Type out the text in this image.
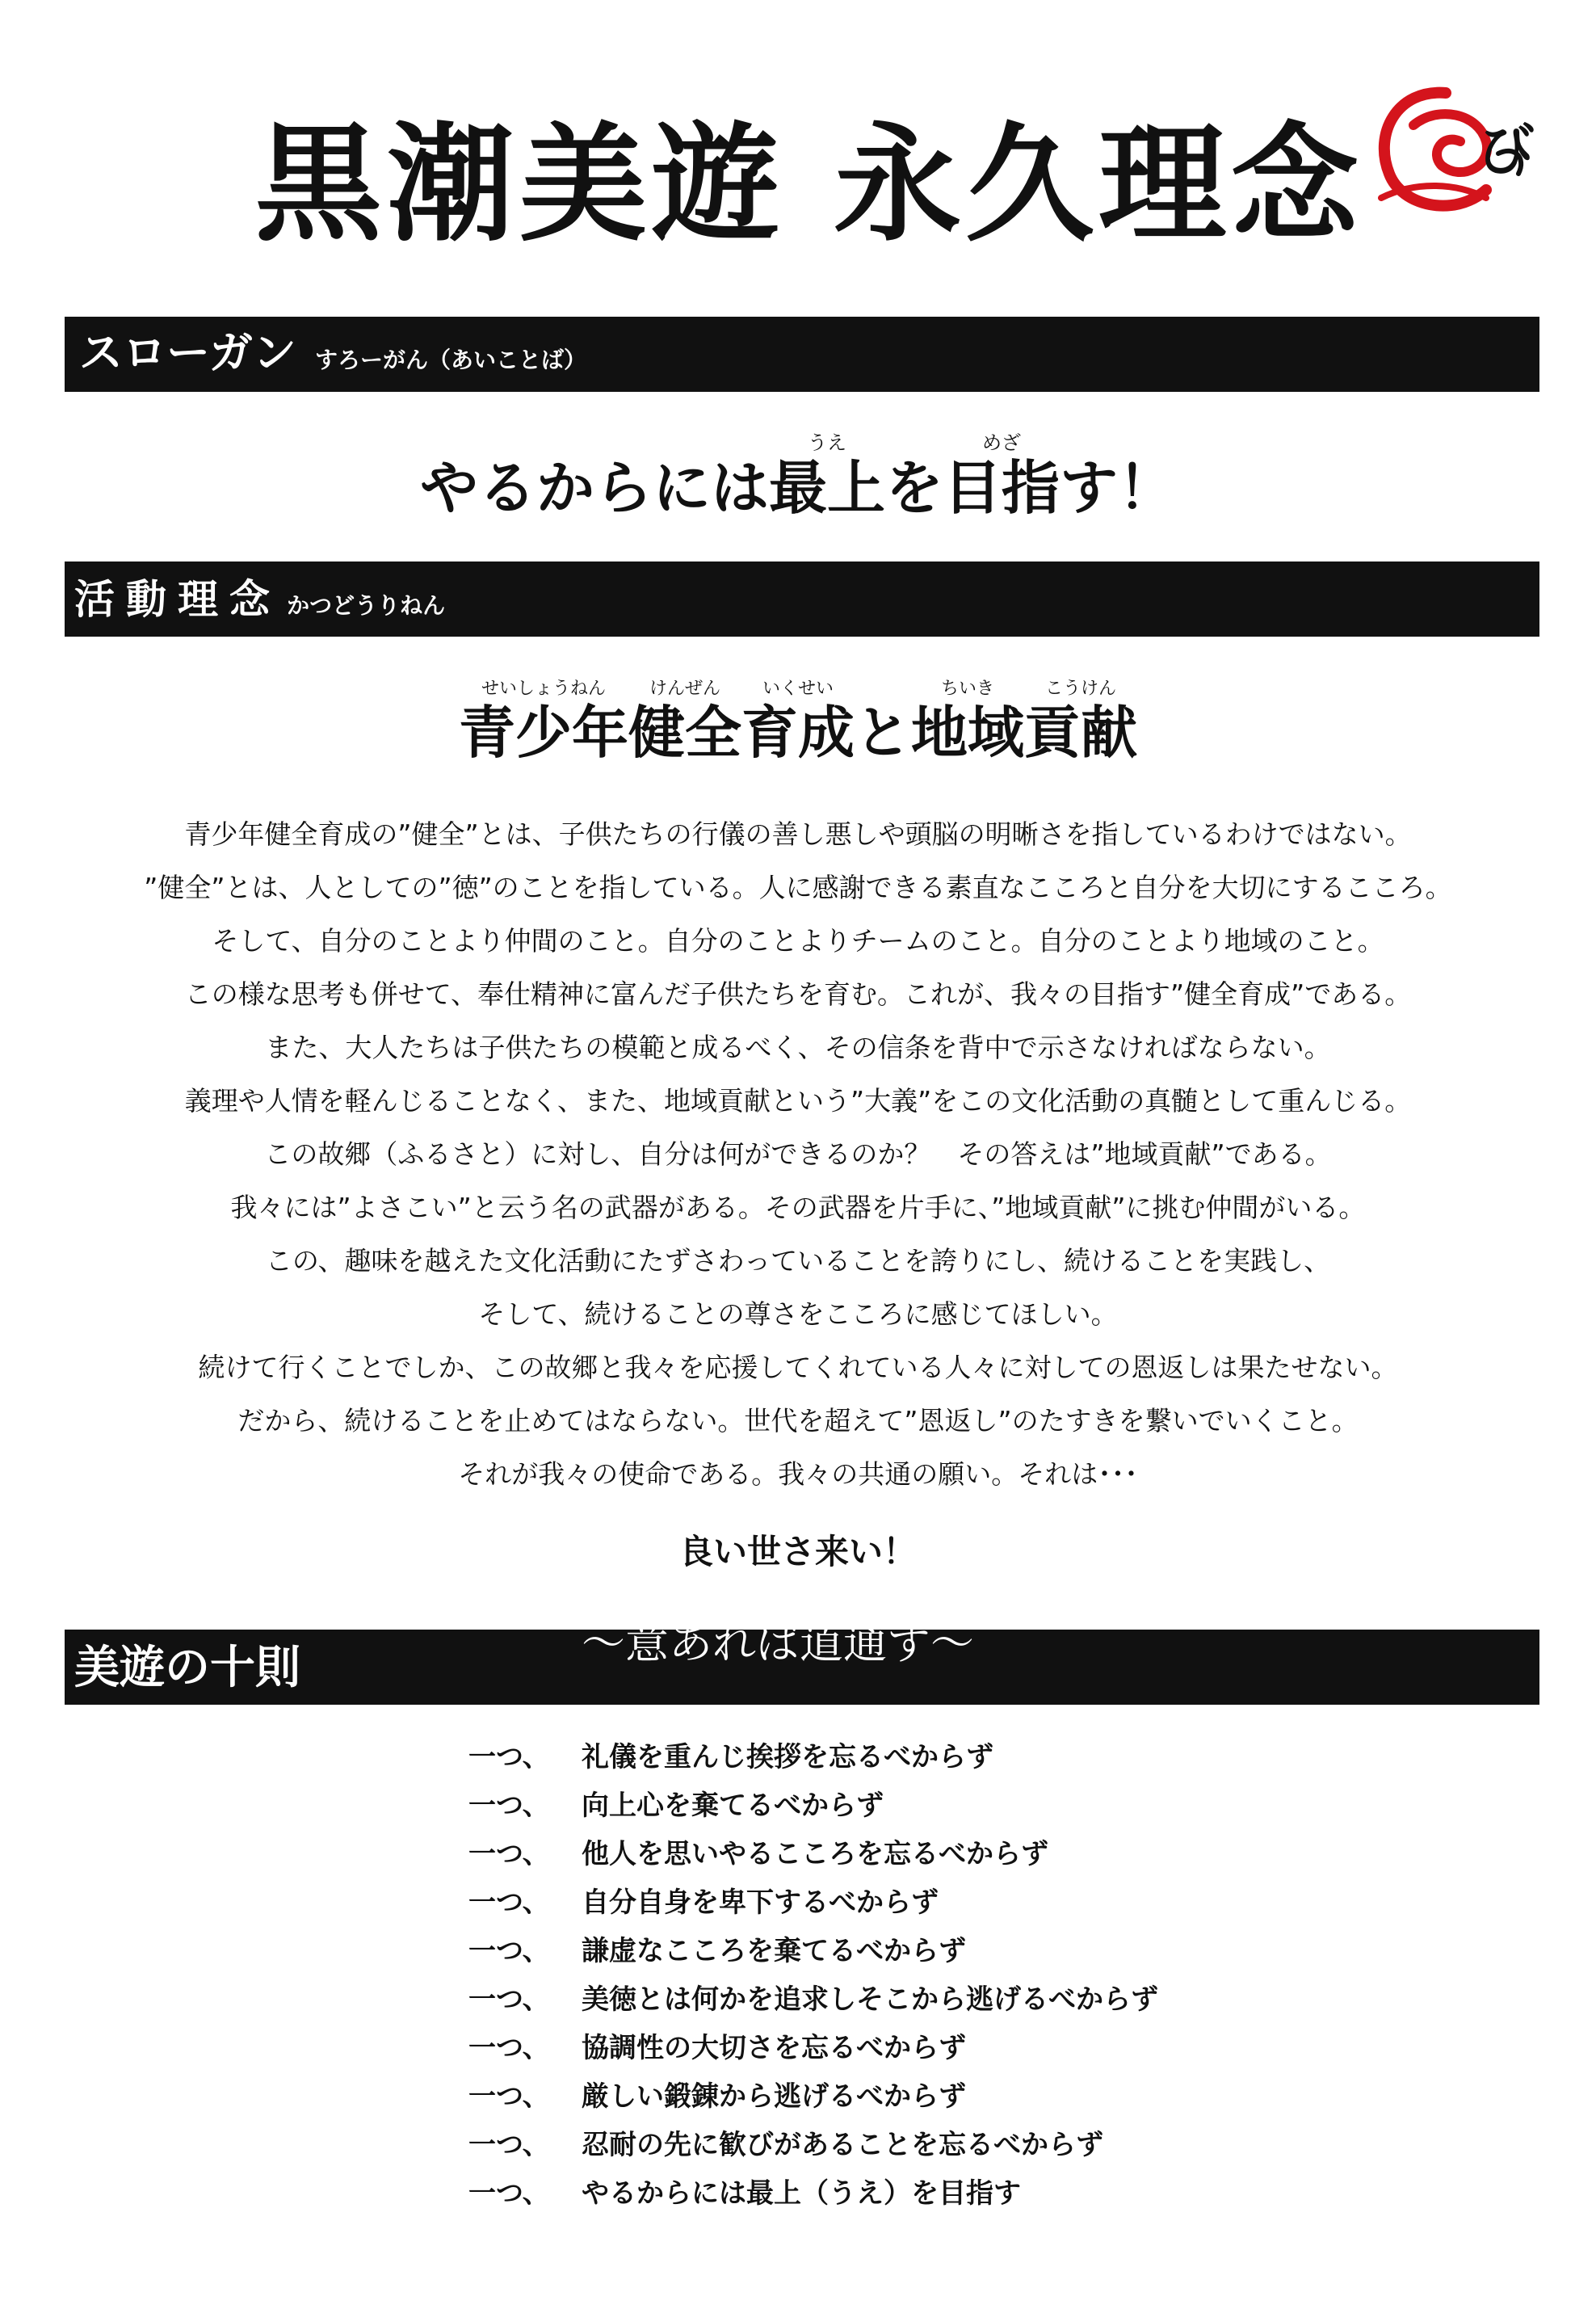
黒潮美遊 永久理念	び
スローガン すろーがん（あいことば）
やるからには最上
うえ
を目指
めざ
す！
活動理念 かつどうりねん
青少年
せいしょうねん
健全
けんぜん
育成
いくせい
と地域
ちいき
貢献
こうけん
青少年健全育成の”健全”とは、子供たちの行儀の善し悪しや頭脳の明晰さを指しているわけではない。
”健全”とは、人としての”徳”のことを指している。人に感謝できる素直なこころと自分を大切にするこころ。
そして、自分のことより仲間のこと。自分のことよりチームのこと。自分のことより地域のこと。
この様な思考も併せて、奉仕精神に富んだ子供たちを育む。これが、我々の目指す”健全育成”である。
また、大人たちは子供たちの模範と成るべく、その信条を背中で示さなければならない。
義理や人情を軽んじることなく、また、地域貢献という”大義”をこの文化活動の真髄として重んじる。
この故郷（ふるさと）に対し、自分は何ができるのか？　その答えは”地域貢献”である。
我々には”よさこい”と云う名の武器がある。その武器を片手に、”地域貢献”に挑む仲間がいる。
この、趣味を越えた文化活動にたずさわっていることを誇りにし、続けることを実践し、
そして、続けることの尊さをこころに感じてほしい。
続けて行くことでしか、この故郷と我々を応援してくれている人々に対しての恩返しは果たせない。
だから、続けることを止めてはならない。世代を超えて”恩返し”のたすきを繋いでいくこと。
それが我々の使命である。我々の共通の願い。それは･･･
良い世さ来い！
美遊の十則	～意
い
あれば道通
みちつう
ず～
一つ、 礼儀を重んじ挨拶を忘るべからず
一つ、 向上心を棄てるべからず
一つ、 他人を思いやるこころを忘るべからず
一つ、 自分自身を卑下するべからず
一つ、 謙虚なこころを棄てるべからず
一つ、 美徳とは何かを追求しそこから逃げるべからず
一つ、 協調性の大切さを忘るべからず
一つ、 厳しい鍛錬から逃げるべからず
一つ、 忍耐の先に歓びがあることを忘るべからず
一つ、 やるからには最上（うえ）を目指す
